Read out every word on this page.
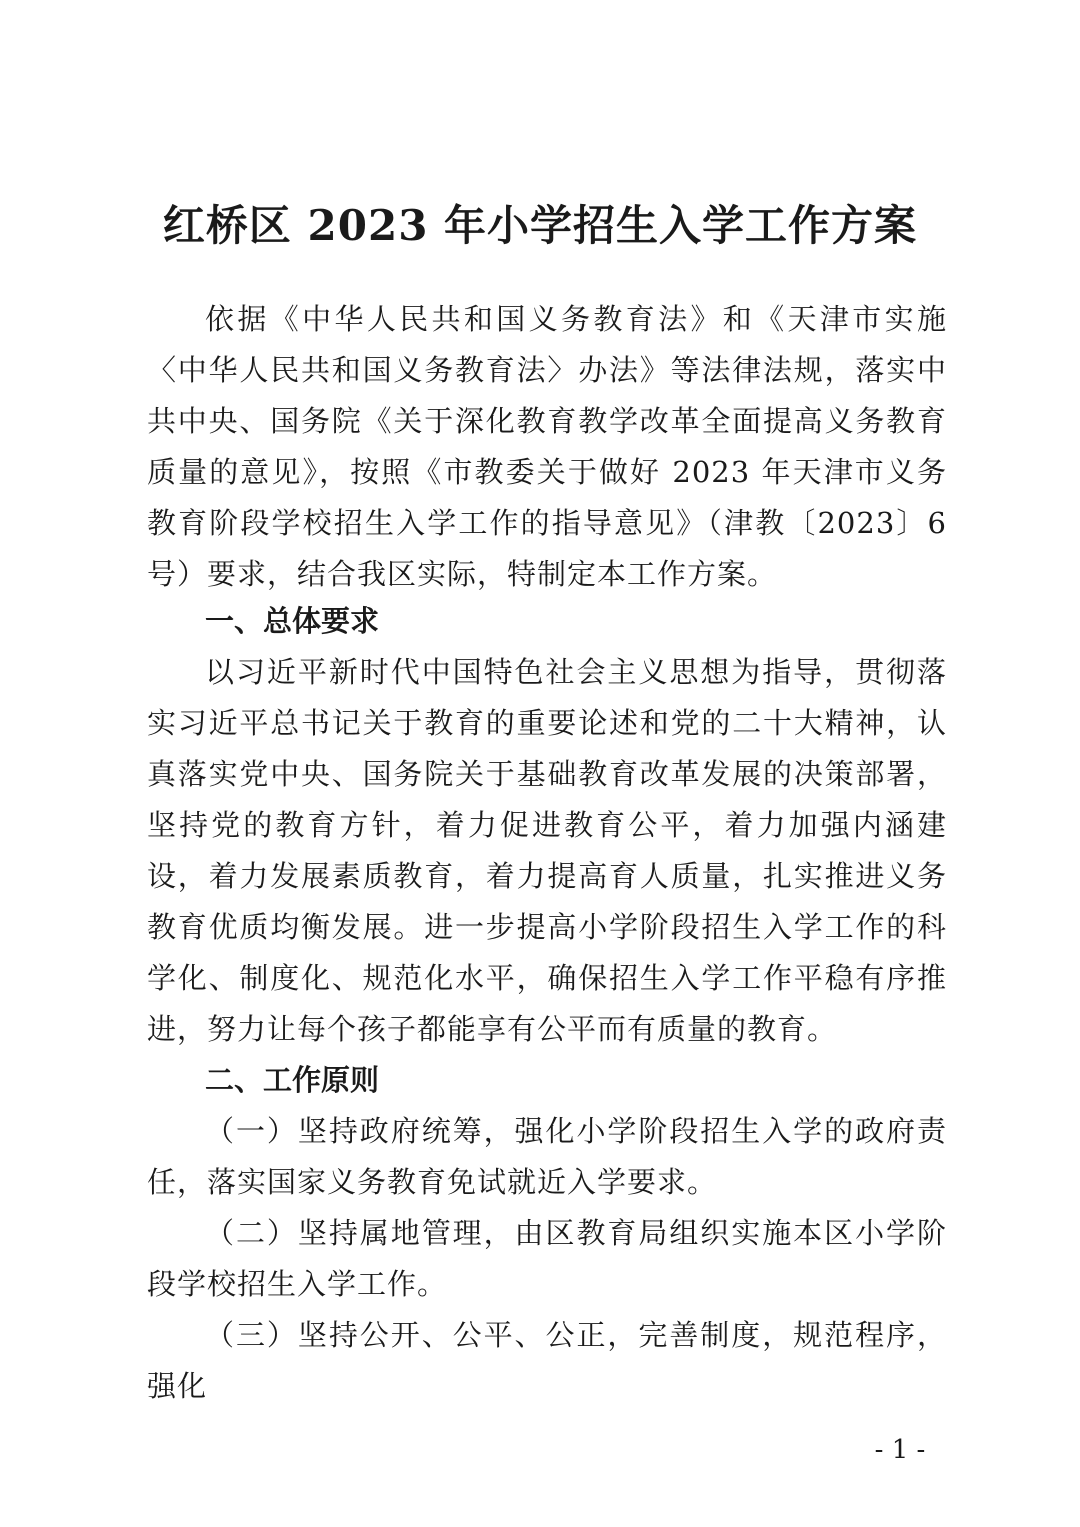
红桥区 2023 年小学招生入学工作方案
依据《中华人民共和国义务教育法》和《天津市实施〈中华人民共和国义务教育法〉办法》等法律法规，落实中共中央、国务院《关于深化教育教学改革全面提高义务教育质量的意见》，按照《市教委关于做好 2023 年天津市义务教育阶段学校招生入学工作的指导意见》（津教〔2023〕6 号）要求，结合我区实际，特制定本工作方案。
一、总体要求
以习近平新时代中国特色社会主义思想为指导，贯彻落实习近平总书记关于教育的重要论述和党的二十大精神，认真落实党中央、国务院关于基础教育改革发展的决策部署，坚持党的教育方针，着力促进教育公平，着力加强内涵建设，着力发展素质教育，着力提高育人质量，扎实推进义务教育优质均衡发展。进一步提高小学阶段招生入学工作的科学化、制度化、规范化水平，确保招生入学工作平稳有序推进，努力让每个孩子都能享有公平而有质量的教育。
二、工作原则
（一）坚持政府统筹，强化小学阶段招生入学的政府责任，落实国家义务教育免试就近入学要求。
（二）坚持属地管理，由区教育局组织实施本区小学阶段学校招生入学工作。
（三）坚持公开、公平、公正，完善制度，规范程序，强化
- 1 -
